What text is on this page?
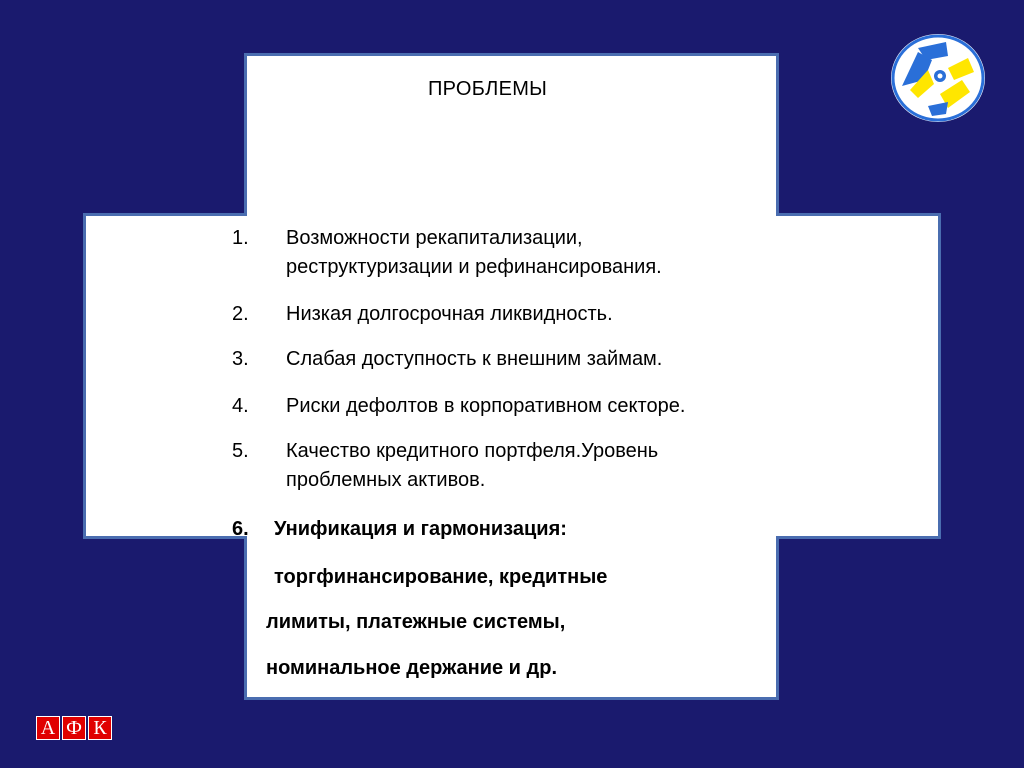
ПРОБЛЕМЫ
1. Возможности рекапитализации,
реструктуризации и рефинансирования.
2. Низкая долгосрочная ликвидность.
3. Слабая доступность к внешним займам.
4. Риски дефолтов в корпоративном секторе.
5. Качество кредитного портфеля.Уровень
проблемных активов.
6. Унификация и гармонизация:
торгфинансирование, кредитные
лимиты, платежные системы,
номинальное держание и др.
А Ф К
